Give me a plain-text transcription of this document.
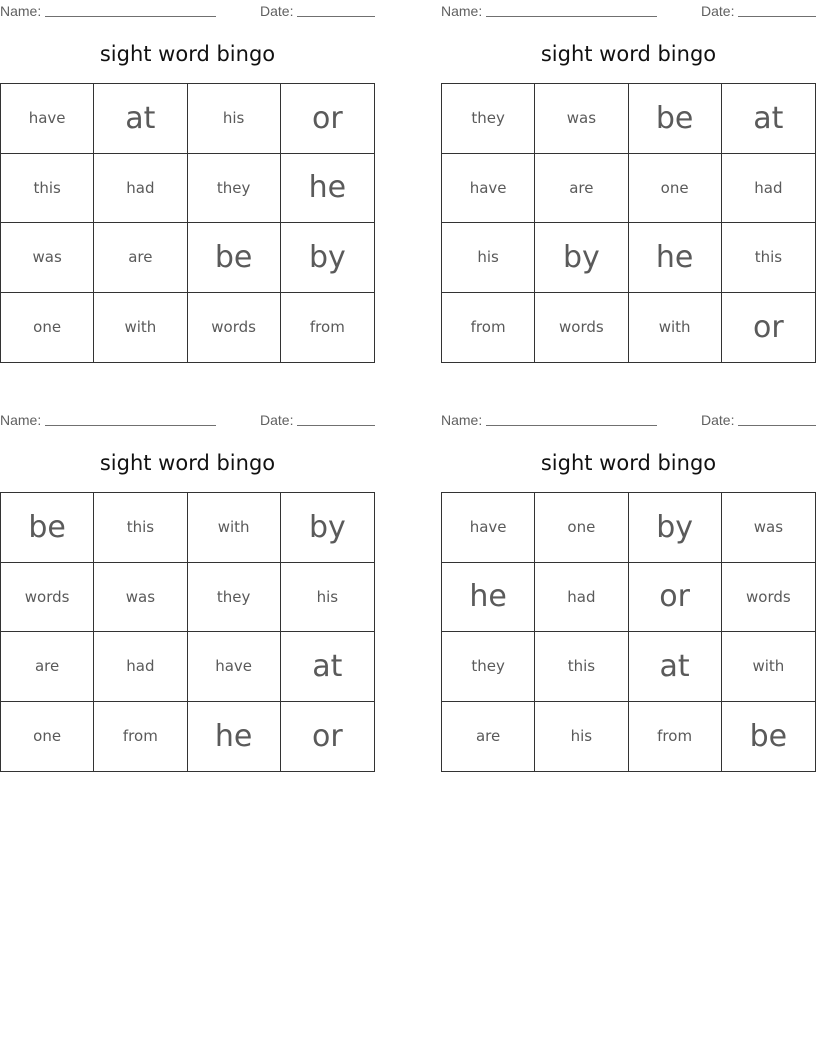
Name:	Date:
sight word bingo
have	at	his	or
this	had	they	he
was	are	be	by
one	with	words	from
Name:	Date:
sight word bingo
they	was	be	at
have	are	one	had
his	by	he	this
from	words	with	or
Name:	Date:
sight word bingo
be	this	with	by
words	was	they	his
are	had	have	at
one	from	he	or
Name:	Date:
sight word bingo
have	one	by	was
he	had	or	words
they	this	at	with
are	his	from	be
